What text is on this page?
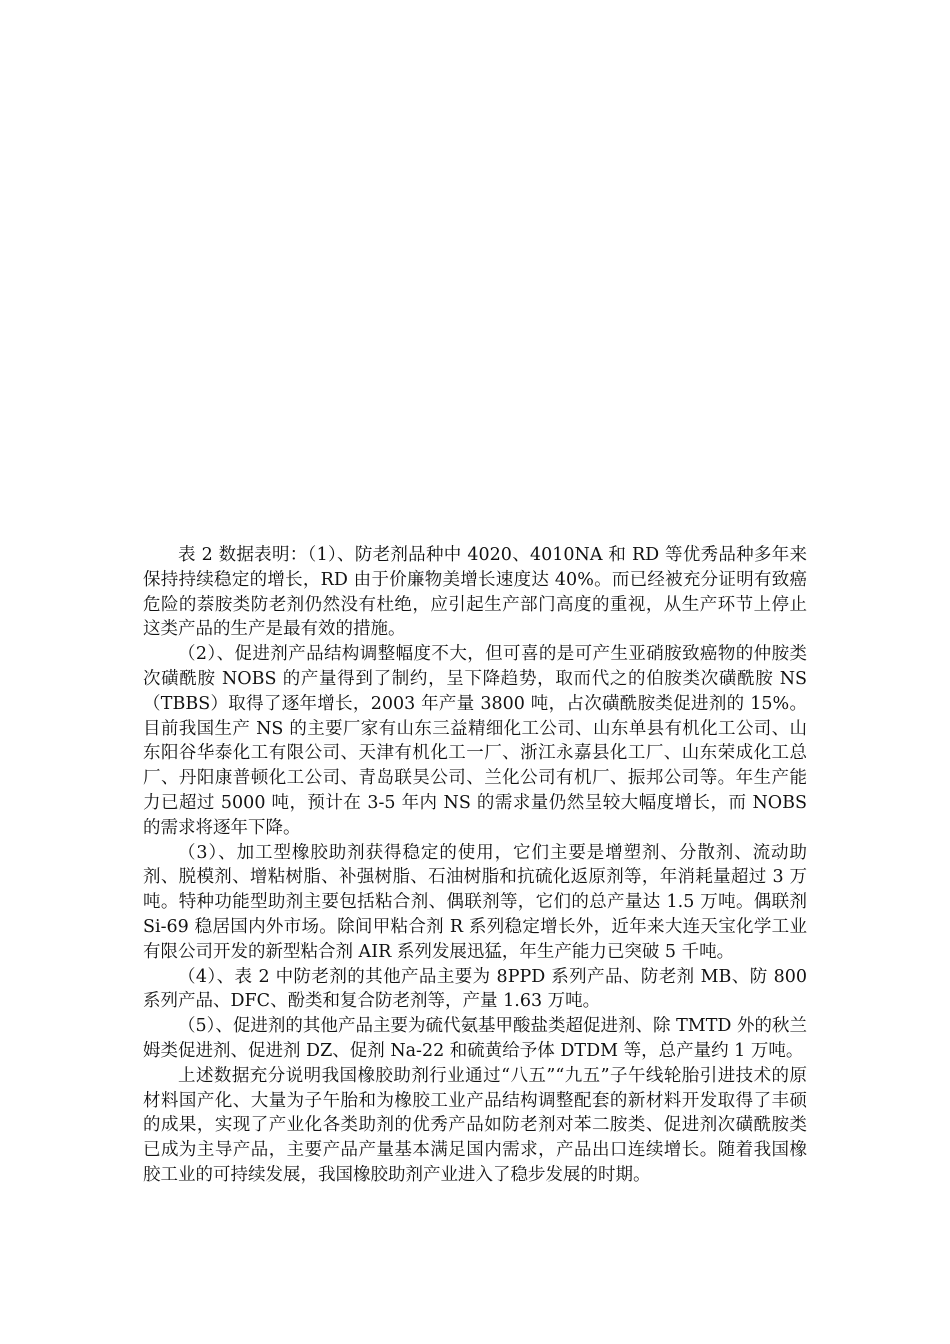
表 2 数据表明：（1）、防老剂品种中 4020、4010NA 和 RD 等优秀品种多年来保持持续稳定的增长，RD 由于价廉物美增长速度达 40%。而已经被充分证明有致癌危险的萘胺类防老剂仍然没有杜绝，应引起生产部门高度的重视，从生产环节上停止这类产品的生产是最有效的措施。

（2）、促进剂产品结构调整幅度不大，但可喜的是可产生亚硝胺致癌物的仲胺类次磺酰胺 NOBS 的产量得到了制约，呈下降趋势，取而代之的伯胺类次磺酰胺 NS（TBBS）取得了逐年增长，2003 年产量 3800 吨，占次磺酰胺类促进剂的 15%。目前我国生产 NS 的主要厂家有山东三益精细化工公司、山东单县有机化工公司、山东阳谷华泰化工有限公司、天津有机化工一厂、浙江永嘉县化工厂、山东荣成化工总厂、丹阳康普顿化工公司、青岛联昊公司、兰化公司有机厂、振邦公司等。年生产能力已超过 5000 吨，预计在 3-5 年内 NS 的需求量仍然呈较大幅度增长，而 NOBS 的需求将逐年下降。

（3）、加工型橡胶助剂获得稳定的使用，它们主要是增塑剂、分散剂、流动助剂、脱模剂、增粘树脂、补强树脂、石油树脂和抗硫化返原剂等，年消耗量超过 3 万吨。特种功能型助剂主要包括粘合剂、偶联剂等，它们的总产量达 1.5 万吨。偶联剂 Si-69 稳居国内外市场。除间甲粘合剂 R 系列稳定增长外，近年来大连天宝化学工业有限公司开发的新型粘合剂 AIR 系列发展迅猛，年生产能力已突破 5 千吨。

（4）、表 2 中防老剂的其他产品主要为 8PPD 系列产品、防老剂 MB、防 800 系列产品、DFC、酚类和复合防老剂等，产量 1.63 万吨。

（5）、促进剂的其他产品主要为硫代氨基甲酸盐类超促进剂、除 TMTD 外的秋兰姆类促进剂、促进剂 DZ、促剂 Na-22 和硫黄给予体 DTDM 等，总产量约 1 万吨。

上述数据充分说明我国橡胶助剂行业通过“八五”“九五”子午线轮胎引进技术的原材料国产化、大量为子午胎和为橡胶工业产品结构调整配套的新材料开发取得了丰硕的成果，实现了产业化各类助剂的优秀产品如防老剂对苯二胺类、促进剂次磺酰胺类已成为主导产品，主要产品产量基本满足国内需求，产品出口连续增长。随着我国橡胶工业的可持续发展，我国橡胶助剂产业进入了稳步发展的时期。
